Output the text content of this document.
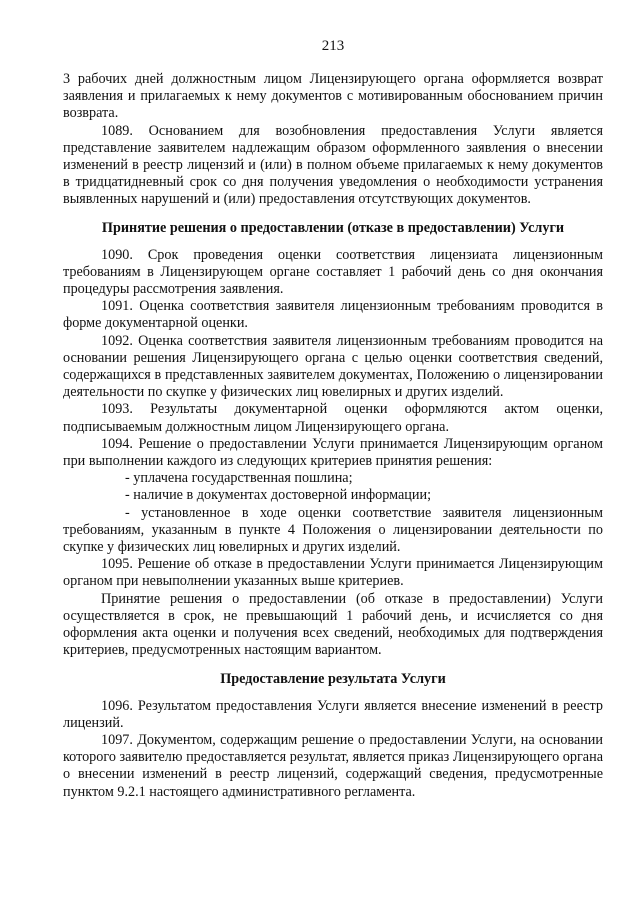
213

3 рабочих дней должностным лицом Лицензирующего органа оформляется возврат заявления и прилагаемых к нему документов с мотивированным обоснованием причин возврата.

1089. Основанием для возобновления предоставления Услуги является представление заявителем надлежащим образом оформленного заявления о внесении изменений в реестр лицензий и (или) в полном объеме прилагаемых к нему документов в тридцатидневный срок со дня получения уведомления о необходимости устранения выявленных нарушений и (или) предоставления отсутствующих документов.

Принятие решения о предоставлении (отказе в предоставлении) Услуги

1090. Срок проведения оценки соответствия лицензиата лицензионным требованиям в Лицензирующем органе составляет 1 рабочий день со дня окончания процедуры рассмотрения заявления.

1091. Оценка соответствия заявителя лицензионным требованиям проводится в форме документарной оценки.

1092. Оценка соответствия заявителя лицензионным требованиям проводится на основании решения Лицензирующего органа с целью оценки соответствия сведений, содержащихся в представленных заявителем документах, Положению о лицензировании деятельности по скупке у физических лиц ювелирных и других изделий.

1093. Результаты документарной оценки оформляются актом оценки, подписываемым должностным лицом Лицензирующего органа.

1094. Решение о предоставлении Услуги принимается Лицензирующим органом при выполнении каждого из следующих критериев принятия решения:

- уплачена государственная пошлина;

- наличие в документах достоверной информации;

- установленное в ходе оценки соответствие заявителя лицензионным требованиям, указанным в пункте 4 Положения о лицензировании деятельности по скупке у физических лиц ювелирных и других изделий.

1095. Решение об отказе в предоставлении Услуги принимается Лицензирующим органом при невыполнении указанных выше критериев.

Принятие решения о предоставлении (об отказе в предоставлении) Услуги осуществляется в срок, не превышающий 1 рабочий день, и исчисляется со дня оформления акта оценки и получения всех сведений, необходимых для подтверждения критериев, предусмотренных настоящим вариантом.

Предоставление результата Услуги

1096. Результатом предоставления Услуги является внесение изменений в реестр лицензий.

1097. Документом, содержащим решение о предоставлении Услуги, на основании которого заявителю предоставляется результат, является приказ Лицензирующего органа о внесении изменений в реестр лицензий, содержащий сведения, предусмотренные пунктом 9.2.1 настоящего административного регламента.
